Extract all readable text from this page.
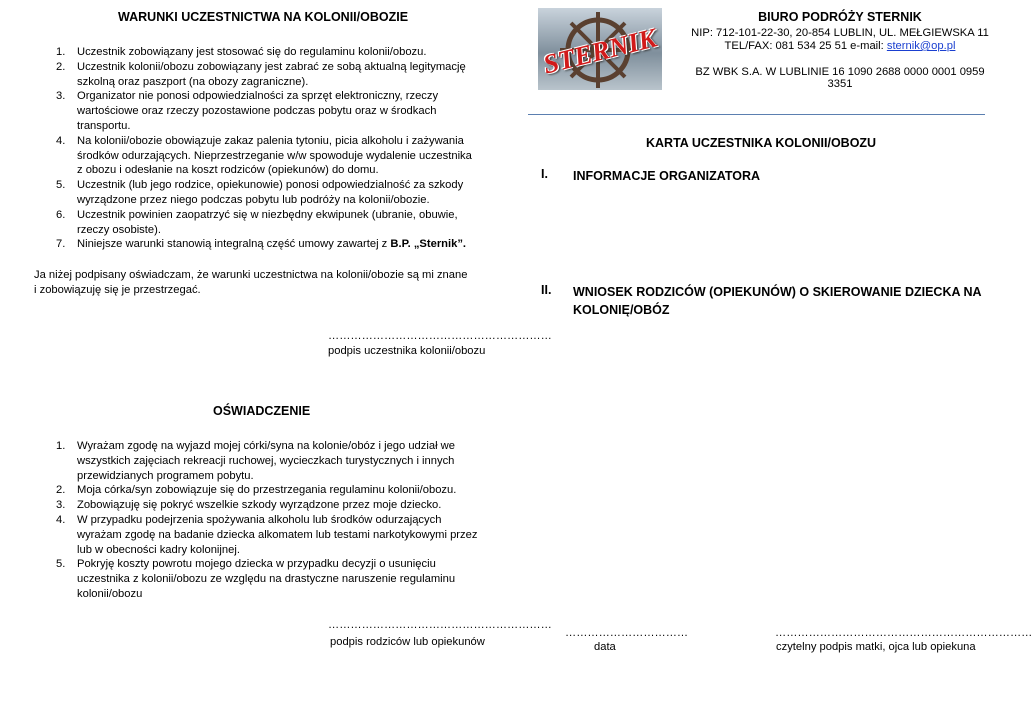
WARUNKI UCZESTNICTWA NA KOLONII/OBOZIE
1. Uczestnik zobowiązany jest stosować się do regulaminu kolonii/obozu.
2. Uczestnik kolonii/obozu zobowiązany jest zabrać ze sobą aktualną legitymację
szkolną oraz paszport (na obozy zagraniczne).
3. Organizator nie ponosi odpowiedzialności za sprzęt elektroniczny, rzeczy
wartościowe oraz rzeczy pozostawione podczas pobytu oraz w środkach
transportu.
4. Na kolonii/obozie obowiązuje zakaz palenia tytoniu, picia alkoholu i zażywania
środków odurzających. Nieprzestrzeganie w/w spowoduje wydalenie uczestnika
z obozu i odesłanie na koszt rodziców (opiekunów) do domu.
5. Uczestnik (lub jego rodzice, opiekunowie) ponosi odpowiedzialność za szkody
wyrządzone przez niego podczas pobytu lub podróży na kolonii/obozie.
6. Uczestnik powinien zaopatrzyć się w niezbędny ekwipunek (ubranie, obuwie,
rzeczy osobiste).
7. Niniejsze warunki stanowią integralną część umowy zawartej z B.P. „Sternik”.
Ja niżej podpisany oświadczam, że warunki uczestnictwa na kolonii/obozie są mi znane
i zobowiązuję się je przestrzegać.
……………………………………………………
podpis uczestnika kolonii/obozu
OŚWIADCZENIE
1. Wyrażam zgodę na wyjazd mojej córki/syna na kolonie/obóz i jego udział we
wszystkich zajęciach rekreacji ruchowej, wycieczkach turystycznych i innych
przewidzianych programem pobytu.
2. Moja córka/syn zobowiązuje się do przestrzegania regulaminu kolonii/obozu.
3. Zobowiązuję się pokryć wszelkie szkody wyrządzone przez moje dziecko.
4. W przypadku podejrzenia spożywania alkoholu lub środków odurzających
wyrażam zgodę na badanie dziecka alkomatem lub testami narkotykowymi przez
lub w obecności kadry kolonijnej.
5. Pokryję koszty powrotu mojego dziecka w przypadku decyzji o usunięciu
uczestnika z kolonii/obozu ze względu na drastyczne naruszenie regulaminu
kolonii/obozu
……………………………………………………
podpis rodziców lub opiekunów
STERNIK
BIURO PODRÓŻY STERNIK
NIP: 712-101-22-30, 20-854 LUBLIN, UL. MEŁGIEWSKA 11
TEL/FAX: 081 534 25 51 e-mail: sternik@op.pl
BZ WBK S.A. W LUBLINIE 16 1090 2688 0000 0001 0959 3351
KARTA UCZESTNIKA KOLONII/OBOZU
I. INFORMACJE ORGANIZATORA
II. WNIOSEK RODZICÓW (OPIEKUNÓW) O SKIEROWANIE DZIECKA NA
KOLONIĘ/OBÓZ
……………………………
data
……………………………………………………………
czytelny podpis matki, ojca lub opiekuna
